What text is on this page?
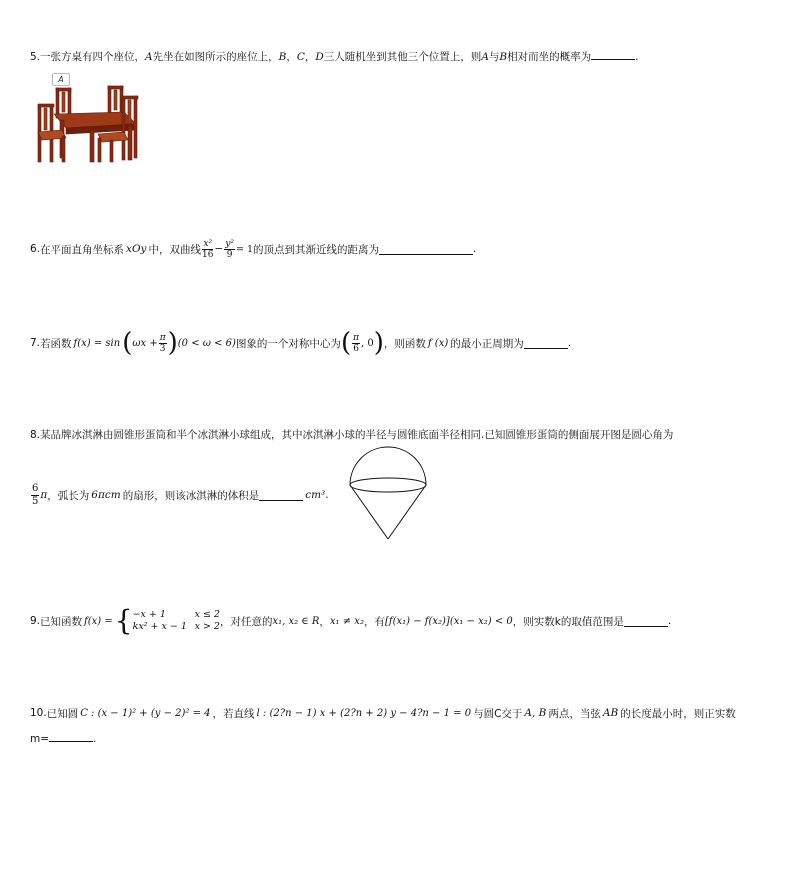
5.一张方桌有四个座位，A先坐在如图所示的座位上，B，C，D三人随机坐到其他三个位置上，则A与B相对而坐的概率为	.
A
6. 在平面直角坐标系 xOy 中，双曲线 $\frac{\text{x²}}{16} - \frac{\text{y²}}{9} = 1$ 的顶点到其渐近线的距离为	.
7. 若函数 f(x) = sin ( $\omega x + \frac{\pi}{3}$ ) (0 < ω < 6) 图象的一个对称中心为 ( $\frac{\pi}{6}$ , 0 ) ，则函数 f (x) 的最小正周期为	.
8.某品牌冰淇淋由圆锥形蛋筒和半个冰淇淋小球组成，其中冰淇淋小球的半径与圆锥底面半径相同.已知圆锥形蛋筒的侧面展开图是圆心角为
$\frac{6}{5}$ π ，弧长为 6πcm 的扇形，则该冰淇淋的体积是	cm³ .
9. 已知函数 f(x) = { −x + 1	x ≤ 2
kx² + x − 1 x > 2 ，对任意的 x₁, x₂ ∈ R ， x₁ ≠ x₂ ，有 [f(x₁) − f(x₂)](x₁ − x₂) < 0 ，则实数k的取值范围是	.
10. 已知圆 C : (x − 1)² + (y − 2)² = 4 ，若直线 l : (2?n − 1) x + (2?n + 2) y − 4?n − 1 = 0 与圆C交于 A, B 两点，当弦 AB 的长度最小时，则正实数
m=	.
